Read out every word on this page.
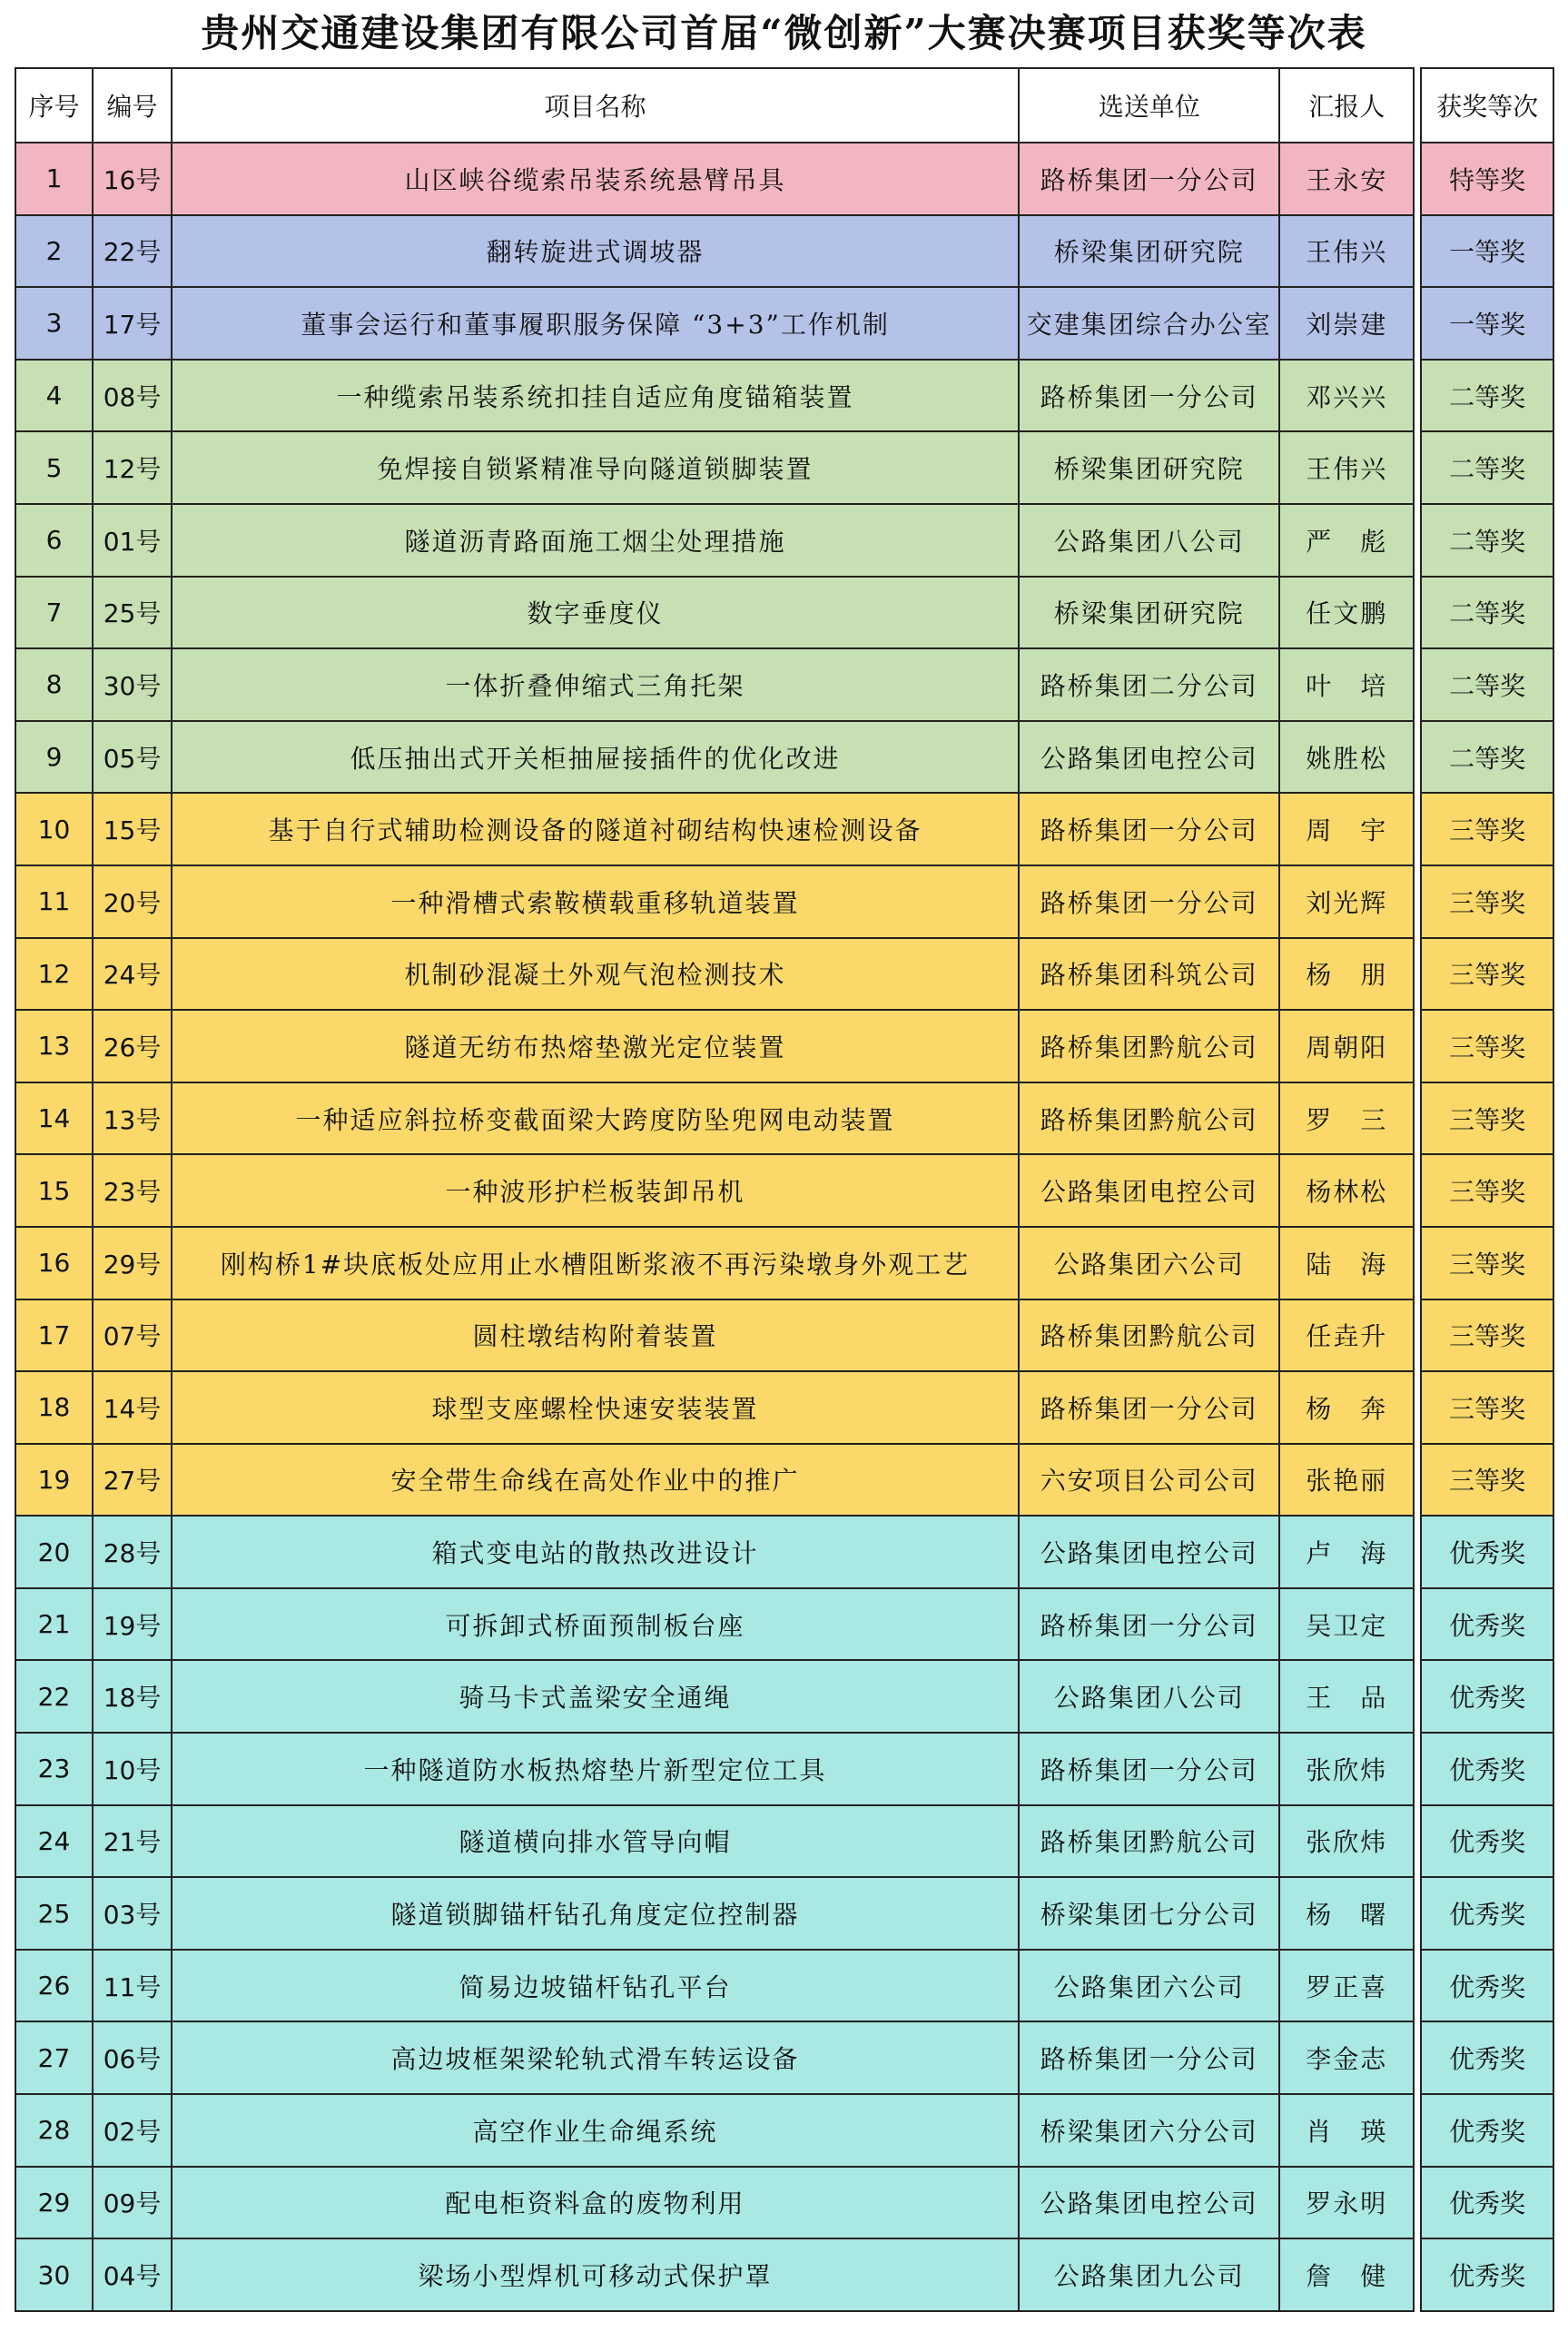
贵州交通建设集团有限公司首届“微创新”大赛决赛项目获奖等次表
序号	编号	项目名称	选送单位	汇报人		获奖等次
1	16号	山区峡谷缆索吊装系统悬臂吊具	路桥集团一分公司	王永安		特等奖
2	22号	翻转旋进式调坡器	桥梁集团研究院	王伟兴		一等奖
3	17号	董事会运行和董事履职服务保障 “3+3”工作机制	交建集团综合办公室	刘崇建		一等奖
4	08号	一种缆索吊装系统扣挂自适应角度锚箱装置	路桥集团一分公司	邓兴兴		二等奖
5	12号	免焊接自锁紧精准导向隧道锁脚装置	桥梁集团研究院	王伟兴		二等奖
6	01号	隧道沥青路面施工烟尘处理措施	公路集团八公司	严　彪		二等奖
7	25号	数字垂度仪	桥梁集团研究院	任文鹏		二等奖
8	30号	一体折叠伸缩式三角托架	路桥集团二分公司	叶　培		二等奖
9	05号	低压抽出式开关柜抽屉接插件的优化改进	公路集团电控公司	姚胜松		二等奖
10	15号	基于自行式辅助检测设备的隧道衬砌结构快速检测设备	路桥集团一分公司	周　宇		三等奖
11	20号	一种滑槽式索鞍横载重移轨道装置	路桥集团一分公司	刘光辉		三等奖
12	24号	机制砂混凝土外观气泡检测技术	路桥集团科筑公司	杨　朋		三等奖
13	26号	隧道无纺布热熔垫激光定位装置	路桥集团黔航公司	周朝阳		三等奖
14	13号	一种适应斜拉桥变截面梁大跨度防坠兜网电动装置	路桥集团黔航公司	罗　三		三等奖
15	23号	一种波形护栏板装卸吊机	公路集团电控公司	杨林松		三等奖
16	29号	刚构桥1#块底板处应用止水槽阻断浆液不再污染墩身外观工艺	公路集团六公司	陆　海		三等奖
17	07号	圆柱墩结构附着装置	路桥集团黔航公司	任垚升		三等奖
18	14号	球型支座螺栓快速安装装置	路桥集团一分公司	杨　奔		三等奖
19	27号	安全带生命线在高处作业中的推广	六安项目公司公司	张艳丽		三等奖
20	28号	箱式变电站的散热改进设计	公路集团电控公司	卢　海		优秀奖
21	19号	可拆卸式桥面预制板台座	路桥集团一分公司	吴卫定		优秀奖
22	18号	骑马卡式盖梁安全通绳	公路集团八公司	王　品		优秀奖
23	10号	一种隧道防水板热熔垫片新型定位工具	路桥集团一分公司	张欣炜		优秀奖
24	21号	隧道横向排水管导向帽	路桥集团黔航公司	张欣炜		优秀奖
25	03号	隧道锁脚锚杆钻孔角度定位控制器	桥梁集团七分公司	杨　曙		优秀奖
26	11号	简易边坡锚杆钻孔平台	公路集团六公司	罗正喜		优秀奖
27	06号	高边坡框架梁轮轨式滑车转运设备	路桥集团一分公司	李金志		优秀奖
28	02号	高空作业生命绳系统	桥梁集团六分公司	肖　瑛		优秀奖
29	09号	配电柜资料盒的废物利用	公路集团电控公司	罗永明		优秀奖
30	04号	梁场小型焊机可移动式保护罩	公路集团九公司	詹　健		优秀奖
